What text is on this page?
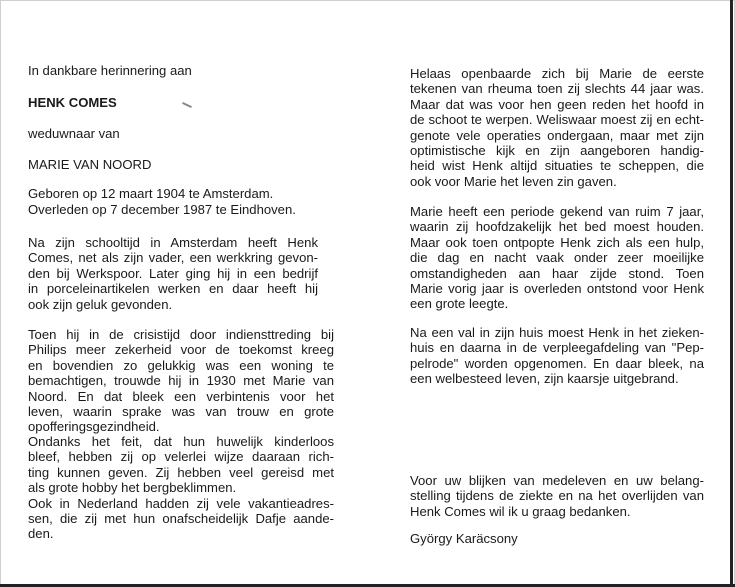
In dankbare herinnering aan
HENK COMES
weduwnaar van
MARIE VAN NOORD
Geboren op 12 maart 1904 te Amsterdam.
Overleden op 7 december 1987 te Eindhoven.
Na zijn schooltijd in Amsterdam heeft Henk
Comes, net als zijn vader, een werkkring gevon-
den bij Werkspoor. Later ging hij in een bedrijf
in porceleinartikelen werken en daar heeft hij
ook zijn geluk gevonden.
Toen hij in de crisistijd door indiensttreding bij
Philips meer zekerheid voor de toekomst kreeg
en bovendien zo gelukkig was een woning te
bemachtigen, trouwde hij in 1930 met Marie van
Noord. En dat bleek een verbintenis voor het
leven, waarin sprake was van trouw en grote
opofferingsgezindheid.
Ondanks het feit, dat hun huwelijk kinderloos
bleef, hebben zij op velerlei wijze daaraan rich-
ting kunnen geven. Zij hebben veel gereisd met
als grote hobby het bergbeklimmen.
Ook in Nederland hadden zij vele vakantieadres-
sen, die zij met hun onafscheidelijk Dafje aande-
den.
Helaas openbaarde zich bij Marie de eerste
tekenen van rheuma toen zij slechts 44 jaar was.
Maar dat was voor hen geen reden het hoofd in
de schoot te werpen. Weliswaar moest zij en echt-
genote vele operaties ondergaan, maar met zijn
optimistische kijk en zijn aangeboren handig-
heid wist Henk altijd situaties te scheppen, die
ook voor Marie het leven zin gaven.
Marie heeft een periode gekend van ruim 7 jaar,
waarin zij hoofdzakelijk het bed moest houden.
Maar ook toen ontpopte Henk zich als een hulp,
die dag en nacht vaak onder zeer moeilijke
omstandigheden aan haar zijde stond. Toen
Marie vorig jaar is overleden ontstond voor Henk
een grote leegte.
Na een val in zijn huis moest Henk in het zieken-
huis en daarna in de verpleegafdeling van "Pep-
pelrode" worden opgenomen. En daar bleek, na
een welbesteed leven, zijn kaarsje uitgebrand.
Voor uw blijken van medeleven en uw belang-
stelling tijdens de ziekte en na het overlijden van
Henk Comes wil ik u graag bedanken.
György Karäcsony
